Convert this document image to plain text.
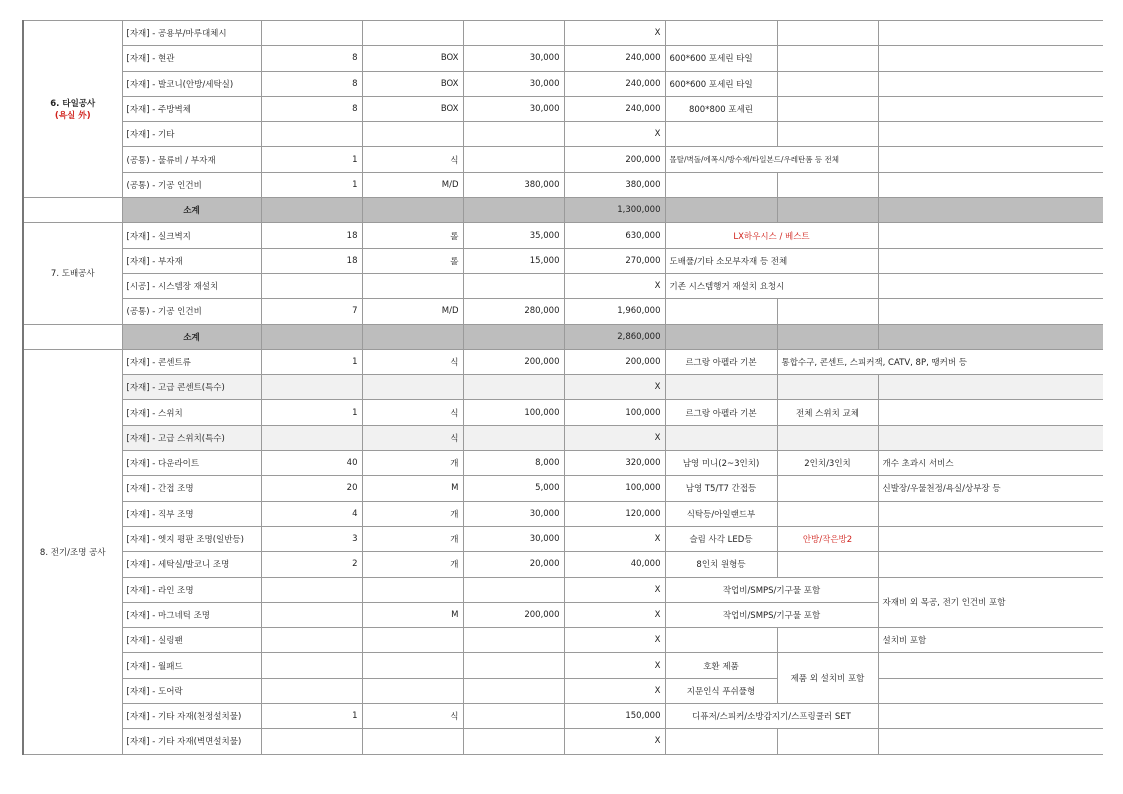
6. 타일공사
(욕실 外)	[자재] - 공용부/마루대체시				X			
	[자재] - 현관	8	BOX	30,000	240,000	600*600 포세린 타일		
	[자재] - 발코니(안방/세탁실)	8	BOX	30,000	240,000	600*600 포세린 타일		
	[자재] - 주방벽체	8	BOX	30,000	240,000	800*800 포세린		
	[자재] - 기타				X			
	(공통) - 물류비 / 부자재	1	식		200,000	몰탈/벽돌/에폭시/방수재/타일본드/우레탄폼 등 전체		
	(공통) - 기공 인건비	1	M/D	380,000	380,000			
	소계				1,300,000			
7. 도배공사	[자재] - 실크벽지	18	롤	35,000	630,000	LX하우시스 / 베스트		
	[자재] - 부자재	18	롤	15,000	270,000	도배풀/기타 소모부자재 등 전체		
	[시공] - 시스템장 재설치				X	기존 시스템행거 재설치 요청시		
	(공통) - 기공 인건비	7	M/D	280,000	1,960,000			
	소계				2,860,000			
8. 전기/조명 공사	[자재] - 콘센트류	1	식	200,000	200,000	르그랑 아펠라 기본	통합수구, 콘센트, 스피커잭, CATV, 8P, 땡커버 등	
	[자재] - 고급 콘센트(특수)				X			
	[자재] - 스위치	1	식	100,000	100,000	르그랑 아펠라 기본	전체 스위치 교체	
	[자재] - 고급 스위치(특수)		식		X			
	[자재] - 다운라이트	40	개	8,000	320,000	남영 미니(2~3인치)	2인치/3인치	개수 초과시 서비스
	[자재] - 간접 조명	20	M	5,000	100,000	남영 T5/T7 간접등		신발장/우물천정/욕실/상부장 등
	[자재] - 직부 조명	4	개	30,000	120,000	식탁등/아일랜드부		
	[자재] - 엣지 평판 조명(일반등)	3	개	30,000	X	슬림 사각 LED등	안방/작은방2	
	[자재] - 세탁실/발코니 조명	2	개	20,000	40,000	8인치 원형등		
	[자재] - 라인 조명				X	작업비/SMPS/기구물 포함		자재비 외 목공, 전기 인건비 포함
	[자재] - 마그네틱 조명		M	200,000	X	작업비/SMPS/기구물 포함		
	[자재] - 실링팬				X			설치비 포함
	[자재] - 월패드				X	호환 제품	제품 외 설치비 포함	
	[자재] - 도어락				X	지문인식 푸쉬풀형		
	[자재] - 기타 자재(천정설치물)	1	식		150,000	디퓨저/스피커/소방감지기/스프링쿨러 SET		
	[자재] - 기타 자재(벽면설치물)				X			
